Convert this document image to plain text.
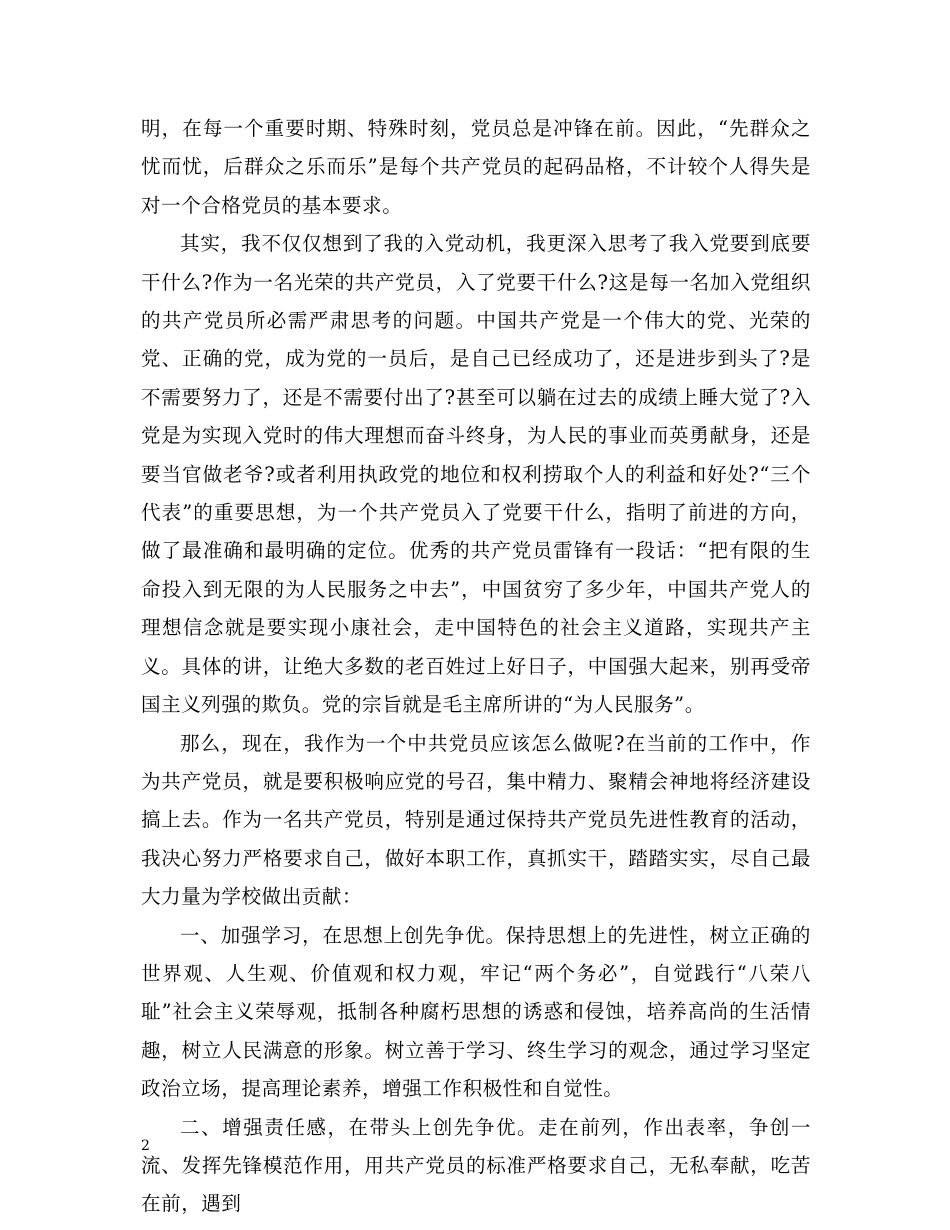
明，在每一个重要时期、特殊时刻，党员总是冲锋在前。因此，“先群众之忧而忧，后群众之乐而乐”是每个共产党员的起码品格，不计较个人得失是对一个合格党员的基本要求。

其实，我不仅仅想到了我的入党动机，我更深入思考了我入党要到底要干什么?作为一名光荣的共产党员，入了党要干什么?这是每一名加入党组织的共产党员所必需严肃思考的问题。中国共产党是一个伟大的党、光荣的党、正确的党，成为党的一员后，是自己已经成功了，还是进步到头了?是不需要努力了，还是不需要付出了?甚至可以躺在过去的成绩上睡大觉了?入党是为实现入党时的伟大理想而奋斗终身，为人民的事业而英勇献身，还是要当官做老爷?或者利用执政党的地位和权利捞取个人的利益和好处?“三个代表”的重要思想，为一个共产党员入了党要干什么，指明了前进的方向，做了最准确和最明确的定位。优秀的共产党员雷锋有一段话：“把有限的生命投入到无限的为人民服务之中去”，中国贫穷了多少年，中国共产党人的理想信念就是要实现小康社会，走中国特色的社会主义道路，实现共产主义。具体的讲，让绝大多数的老百姓过上好日子，中国强大起来，别再受帝国主义列强的欺负。党的宗旨就是毛主席所讲的“为人民服务”。

那么，现在，我作为一个中共党员应该怎么做呢?在当前的工作中，作为共产党员，就是要积极响应党的号召，集中精力、聚精会神地将经济建设搞上去。作为一名共产党员，特别是通过保持共产党员先进性教育的活动，我决心努力严格要求自己，做好本职工作，真抓实干，踏踏实实，尽自己最大力量为学校做出贡献：

一、加强学习，在思想上创先争优。保持思想上的先进性，树立正确的世界观、人生观、价值观和权力观，牢记“两个务必”，自觉践行“八荣八耻”社会主义荣辱观，抵制各种腐朽思想的诱惑和侵蚀，培养高尚的生活情趣，树立人民满意的形象。树立善于学习、终生学习的观念，通过学习坚定政治立场，提高理论素养，增强工作积极性和自觉性。

二、增强责任感，在带头上创先争优。走在前列，作出表率，争创一流、发挥先锋模范作用，用共产党员的标准严格要求自己，无私奉献，吃苦在前，遇到

2
